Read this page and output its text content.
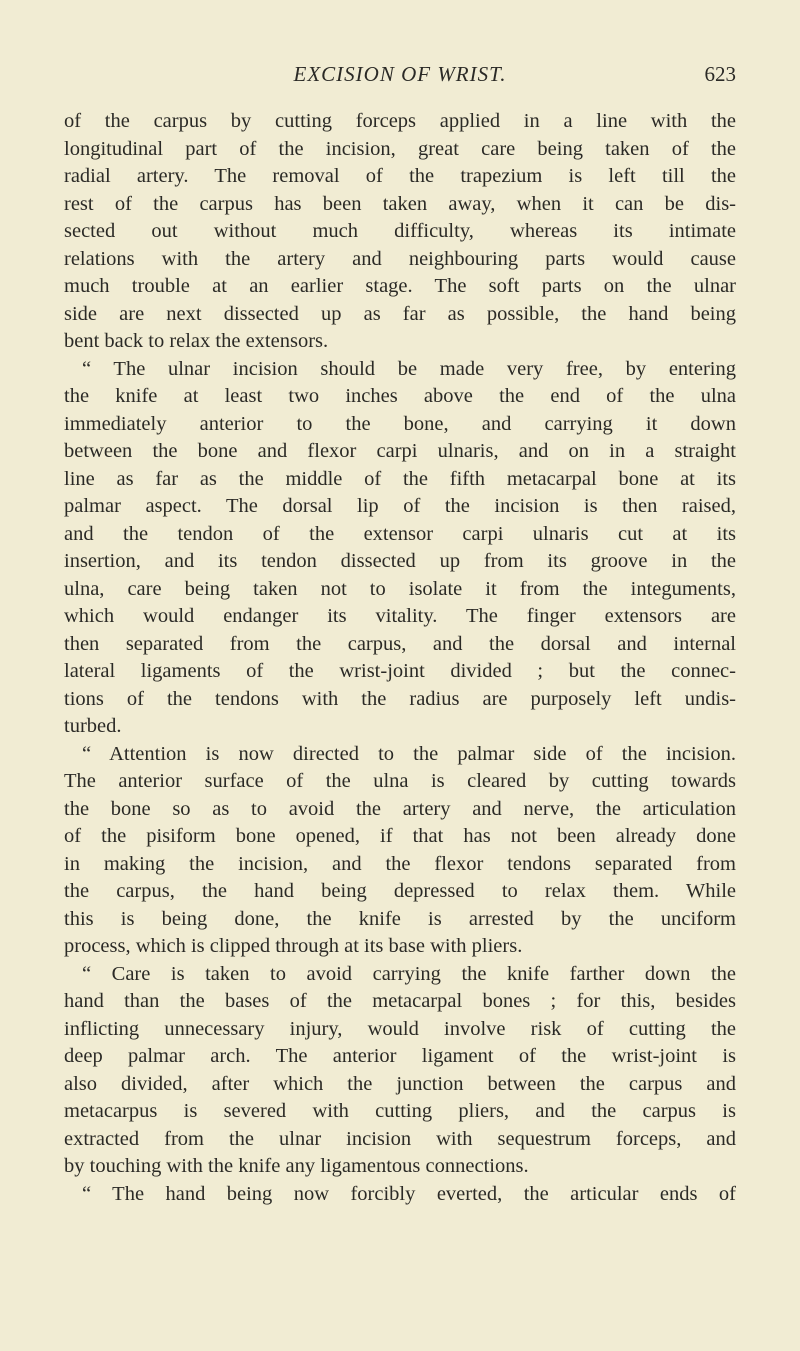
EXCISION OF WRIST.	623
of the carpus by cutting forceps applied in a line with the
longitudinal part of the incision, great care being taken of the
radial artery. The removal of the trapezium is left till the
rest of the carpus has been taken away, when it can be dis-
sected out without much difficulty, whereas its intimate
relations with the artery and neighbouring parts would cause
much trouble at an earlier stage. The soft parts on the ulnar
side are next dissected up as far as possible, the hand being
bent back to relax the extensors.
“ The ulnar incision should be made very free, by entering
the knife at least two inches above the end of the ulna
immediately anterior to the bone, and carrying it down
between the bone and flexor carpi ulnaris, and on in a straight
line as far as the middle of the fifth metacarpal bone at its
palmar aspect. The dorsal lip of the incision is then raised,
and the tendon of the extensor carpi ulnaris cut at its
insertion, and its tendon dissected up from its groove in the
ulna, care being taken not to isolate it from the integuments,
which would endanger its vitality. The finger extensors are
then separated from the carpus, and the dorsal and internal
lateral ligaments of the wrist-joint divided ; but the connec-
tions of the tendons with the radius are purposely left undis-
turbed.
“ Attention is now directed to the palmar side of the incision.
The anterior surface of the ulna is cleared by cutting towards
the bone so as to avoid the artery and nerve, the articulation
of the pisiform bone opened, if that has not been already done
in making the incision, and the flexor tendons separated from
the carpus, the hand being depressed to relax them. While
this is being done, the knife is arrested by the unciform
process, which is clipped through at its base with pliers.
“ Care is taken to avoid carrying the knife farther down the
hand than the bases of the metacarpal bones ; for this, besides
inflicting unnecessary injury, would involve risk of cutting the
deep palmar arch. The anterior ligament of the wrist-joint is
also divided, after which the junction between the carpus and
metacarpus is severed with cutting pliers, and the carpus is
extracted from the ulnar incision with sequestrum forceps, and
by touching with the knife any ligamentous connections.
“ The hand being now forcibly everted, the articular ends of
